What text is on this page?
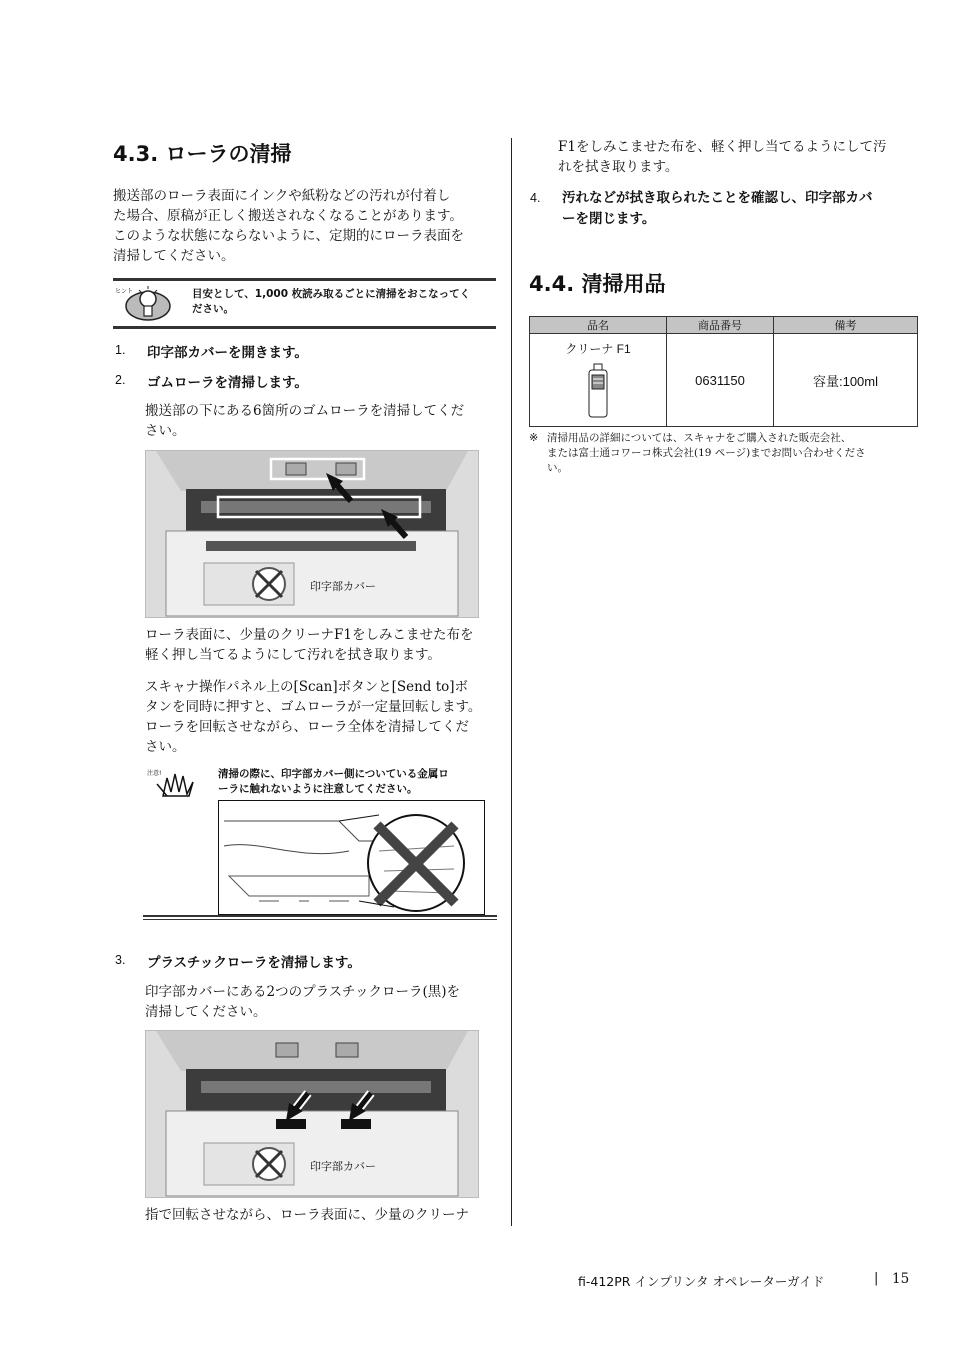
4.3. ローラの清掃
搬送部のローラ表面にインクや紙粉などの汚れが付着し
た場合、原稿が正しく搬送されなくなることがあります。
このような状態にならないように、定期的にローラ表面を
清掃してください。
ヒント	目安として、1,000 枚読み取るごとに清掃をおこなってく
ださい。
1. 印字部カバーを開きます。
2. ゴムローラを清掃します。
搬送部の下にある6箇所のゴムローラを清掃してくだ
さい。
印字部カバー
ローラ表面に、少量のクリーナF1をしみこませた布を
軽く押し当てるようにして汚れを拭き取ります。
スキャナ操作パネル上の[Scan]ボタンと[Send to]ボ
タンを同時に押すと、ゴムローラが一定量回転します。
ローラを回転させながら、ローラ全体を清掃してくだ
さい。
注意!	清掃の際に、印字部カバー側についている金属ロ
ーラに触れないように注意してください。
3. プラスチックローラを清掃します。
印字部カバーにある2つのプラスチックローラ(黒)を
清掃してください。
印字部カバー
指で回転させながら、ローラ表面に、少量のクリーナ
F1をしみこませた布を、軽く押し当てるようにして汚
れを拭き取ります。
4. 汚れなどが拭き取られたことを確認し、印字部カバ
ーを閉じます。
4.4. 清掃用品
品名	商品番号	備考

クリーナ F1	0631150	容量:100ml
※ 清掃用品の詳細については、スキャナをご購入された販売会社、
または富士通コワーコ株式会社(19 ページ)までお問い合わせくださ
い。
fi-412PR インプリンタ オペレーターガイド	| 15
